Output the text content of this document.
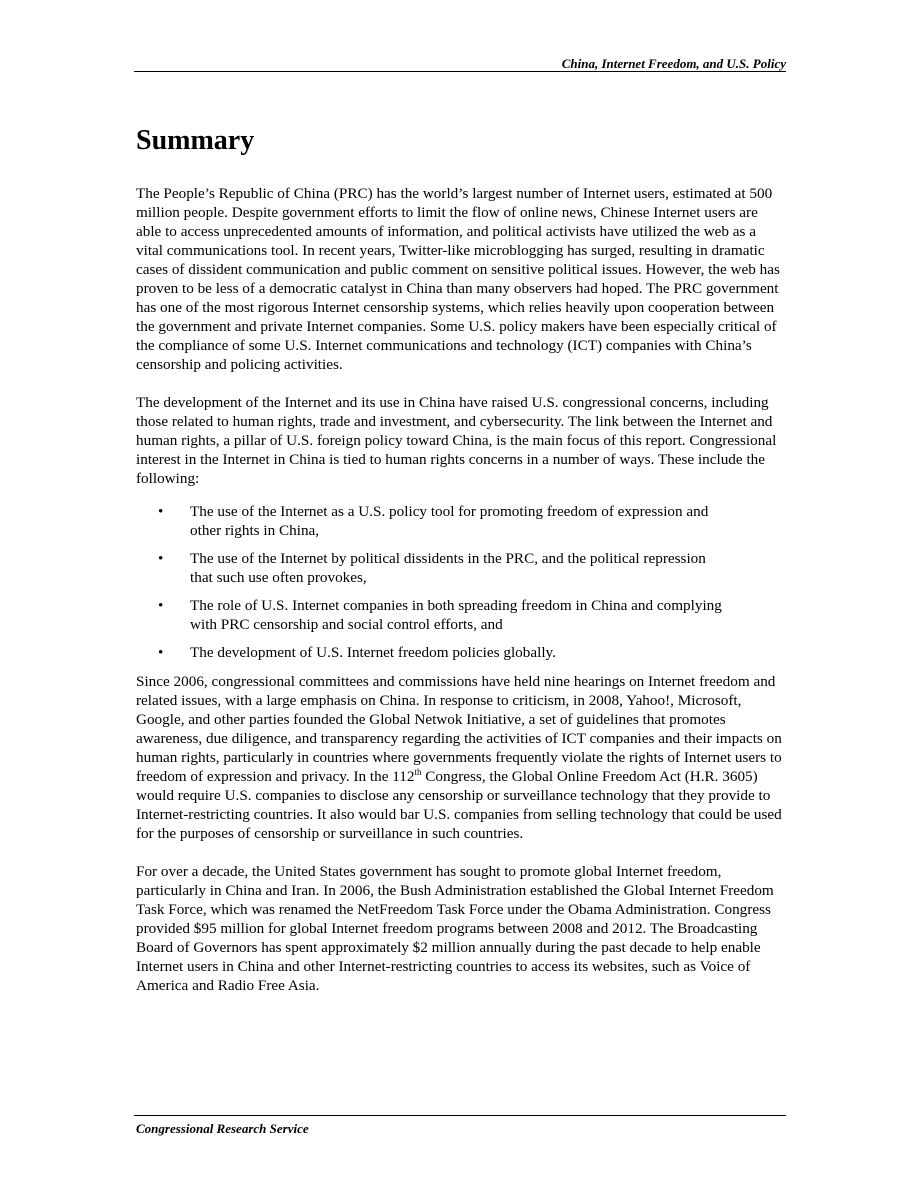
China, Internet Freedom, and U.S. Policy
Summary

The People’s Republic of China (PRC) has the world’s largest number of Internet users, estimated at 500 million people. Despite government efforts to limit the flow of online news, Chinese Internet users are able to access unprecedented amounts of information, and political activists have utilized the web as a vital communications tool. In recent years, Twitter-like microblogging has surged, resulting in dramatic cases of dissident communication and public comment on sensitive political issues. However, the web has proven to be less of a democratic catalyst in China than many observers had hoped. The PRC government has one of the most rigorous Internet censorship systems, which relies heavily upon cooperation between the government and private Internet companies. Some U.S. policy makers have been especially critical of the compliance of some U.S. Internet communications and technology (ICT) companies with China’s censorship and policing activities.

The development of the Internet and its use in China have raised U.S. congressional concerns, including those related to human rights, trade and investment, and cybersecurity. The link between the Internet and human rights, a pillar of U.S. foreign policy toward China, is the main focus of this report. Congressional interest in the Internet in China is tied to human rights concerns in a number of ways. These include the following:

• The use of the Internet as a U.S. policy tool for promoting freedom of expression and other rights in China,
• The use of the Internet by political dissidents in the PRC, and the political repression that such use often provokes,
• The role of U.S. Internet companies in both spreading freedom in China and complying with PRC censorship and social control efforts, and
• The development of U.S. Internet freedom policies globally.

Since 2006, congressional committees and commissions have held nine hearings on Internet freedom and related issues, with a large emphasis on China. In response to criticism, in 2008, Yahoo!, Microsoft, Google, and other parties founded the Global Netwok Initiative, a set of guidelines that promotes awareness, due diligence, and transparency regarding the activities of ICT companies and their impacts on human rights, particularly in countries where governments frequently violate the rights of Internet users to freedom of expression and privacy. In the 112th Congress, the Global Online Freedom Act (H.R. 3605) would require U.S. companies to disclose any censorship or surveillance technology that they provide to Internet-restricting countries. It also would bar U.S. companies from selling technology that could be used for the purposes of censorship or surveillance in such countries.

For over a decade, the United States government has sought to promote global Internet freedom, particularly in China and Iran. In 2006, the Bush Administration established the Global Internet Freedom Task Force, which was renamed the NetFreedom Task Force under the Obama Administration. Congress provided $95 million for global Internet freedom programs between 2008 and 2012. The Broadcasting Board of Governors has spent approximately $2 million annually during the past decade to help enable Internet users in China and other Internet-restricting countries to access its websites, such as Voice of America and Radio Free Asia.

Congressional Research Service
